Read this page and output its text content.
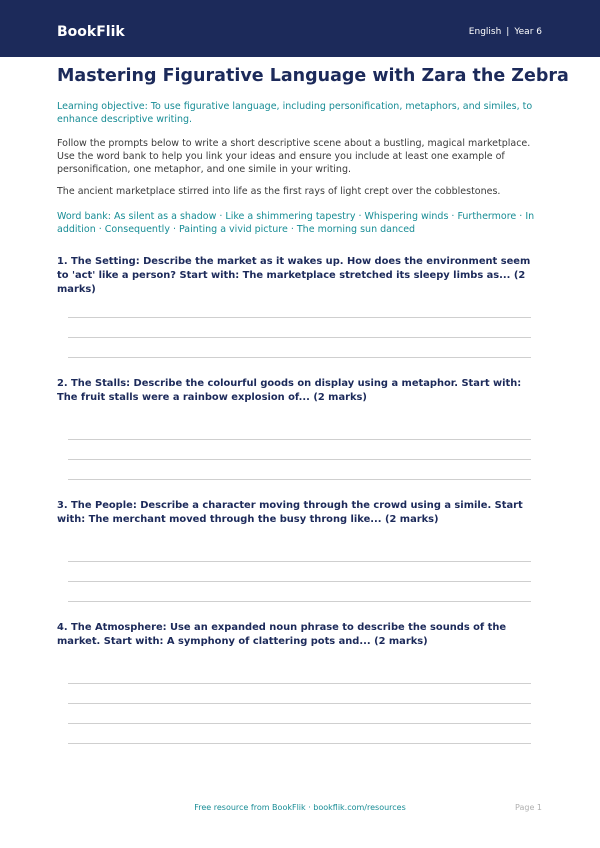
BookFlik	English | Year 6
Mastering Figurative Language with Zara the Zebra

Learning objective: To use figurative language, including personification, metaphors, and similes, to enhance descriptive writing.

Follow the prompts below to write a short descriptive scene about a bustling, magical marketplace. Use the word bank to help you link your ideas and ensure you include at least one example of personification, one metaphor, and one simile in your writing.

The ancient marketplace stirred into life as the first rays of light crept over the cobblestones.

Word bank: As silent as a shadow · Like a shimmering tapestry · Whispering winds · Furthermore · In addition · Consequently · Painting a vivid picture · The morning sun danced

1. The Setting: Describe the market as it wakes up. How does the environment seem to 'act' like a person? Start with: The marketplace stretched its sleepy limbs as... (2 marks)

2. The Stalls: Describe the colourful goods on display using a metaphor. Start with: The fruit stalls were a rainbow explosion of... (2 marks)

3. The People: Describe a character moving through the crowd using a simile. Start with: The merchant moved through the busy throng like... (2 marks)

4. The Atmosphere: Use an expanded noun phrase to describe the sounds of the market. Start with: A symphony of clattering pots and... (2 marks)

Free resource from BookFlik · bookflik.com/resources	Page 1
